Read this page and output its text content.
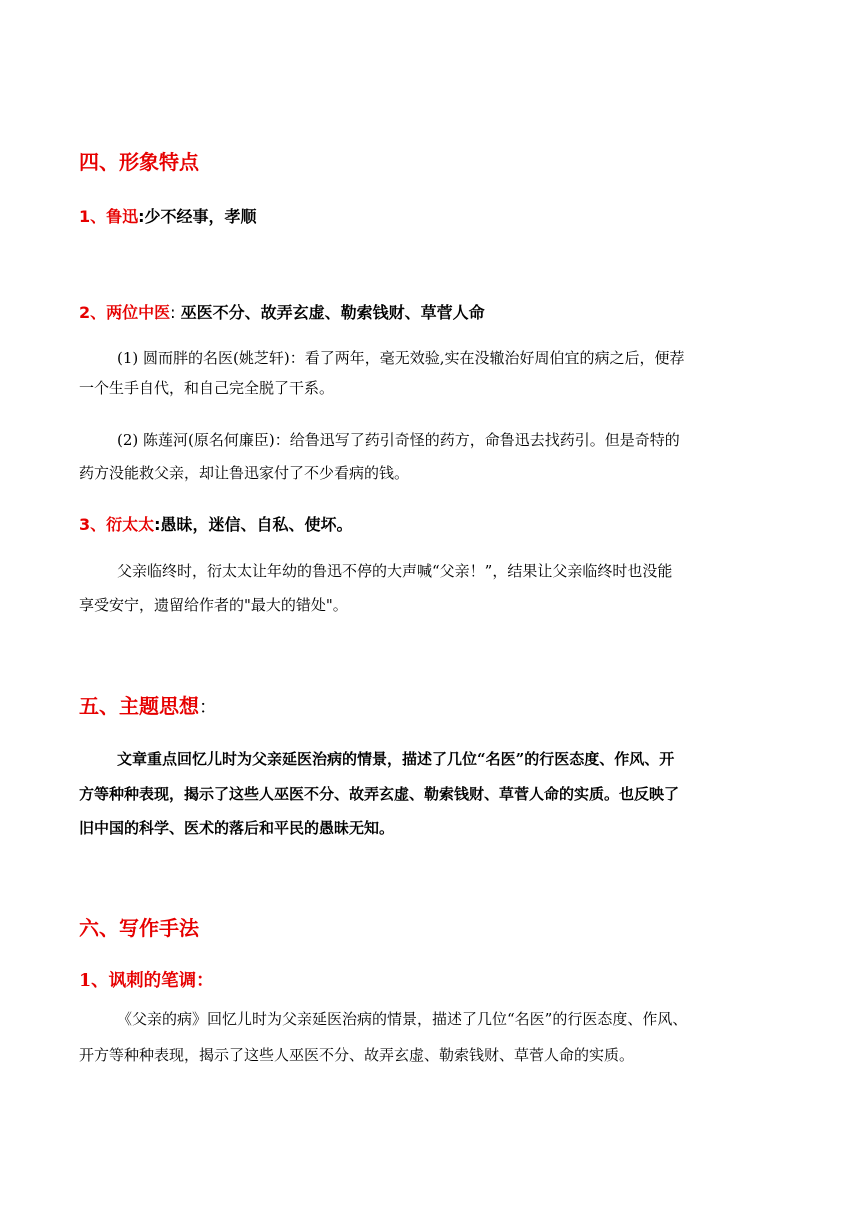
四、形象特点
1、鲁迅:少不经事，孝顺
2、两位中医: 巫医不分、故弄玄虚、勒索钱财、草菅人命
(1) 圆而胖的名医(姚芝轩)：看了两年，毫无效验,实在没辙治好周伯宜的病之后，便荐
一个生手自代，和自己完全脱了干系。
(2) 陈莲河(原名何廉臣)：给鲁迅写了药引奇怪的药方，命鲁迅去找药引。但是奇特的
药方没能救父亲，却让鲁迅家付了不少看病的钱。
3、衍太太:愚昧，迷信、自私、使坏。
父亲临终时，衍太太让年幼的鲁迅不停的大声喊“父亲！”，结果让父亲临终时也没能
享受安宁，遗留给作者的"最大的错处"。
五、主题思想：
文章重点回忆儿时为父亲延医治病的情景，描述了几位“名医”的行医态度、作风、开
方等种种表现，揭示了这些人巫医不分、故弄玄虚、勒索钱财、草菅人命的实质。也反映了
旧中国的科学、医术的落后和平民的愚昧无知。
六、写作手法
1、讽刺的笔调：
《父亲的病》回忆儿时为父亲延医治病的情景，描述了几位“名医”的行医态度、作风、
开方等种种表现，揭示了这些人巫医不分、故弄玄虚、勒索钱财、草菅人命的实质。
